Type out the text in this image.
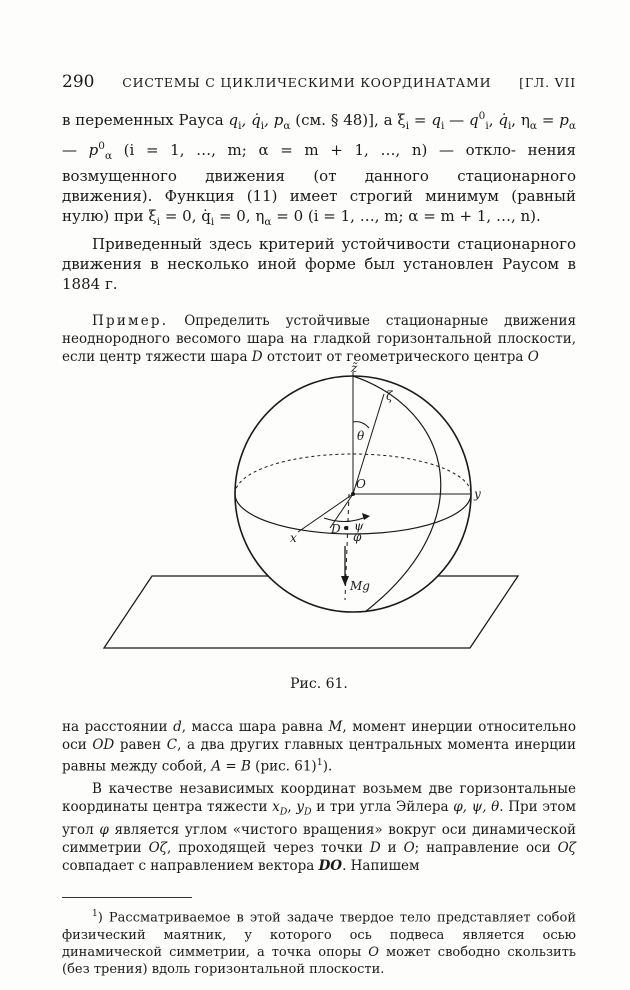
290 СИСТЕМЫ С ЦИКЛИЧЕСКИМИ КООРДИНАТАМИ [ГЛ. VII

в переменных Рауса $q_i$, $q̇_i$, $p_\alpha$ (см. § 48)], а $\xi_i = q_i$ — $q^0_i$, $q̇_i$, $\eta_\alpha = p_\alpha$ — $p^0_\alpha$ (i = 1, …, m; α = m + 1, …, n) — откло- нения возмущенного движения (от данного стационарного движения). Функция (11) имеет строгий минимум (равный нулю) при $\xi_i = 0$, $q̇_i = 0$, $\eta_\alpha = 0$ (i = 1, …, m; α = m + 1, …, n).

Приведенный здесь критерий устойчивости стационарного движения в несколько иной форме был установлен Раусом в 1884 г.

Пример. Определить устойчивые стационарные движения неоднородного весомого шара на гладкой горизонтальной плоскости, если центр тяжести шара D отстоит от геометрического центра O

z̃
ζ
θ
O
y
x
D ψ
φ
Mg
Рис. 61.

на расстоянии d, масса шара равна M, момент инерции относительно оси OD равен C, а два других главных центральных момента инерции равны между собой, A = B (рис. 61)$^1$).

В качестве независимых координат возьмем две горизонтальные координаты центра тяжести $x_D$, $y_D$ и три угла Эйлера φ, ψ, θ. При этом угол φ является углом «чистого вращения» вокруг оси динамической симметрии Oζ, проходящей через точки D и O; направление оси Oζ совпадает с направлением вектора DO. Напишем

$^1$) Рассматриваемое в этой задаче твердое тело представляет собой физический маятник, у которого ось подвеса является осью динамической симметрии, а точка опоры O может свободно скользить (без трения) вдоль горизонтальной плоскости.
